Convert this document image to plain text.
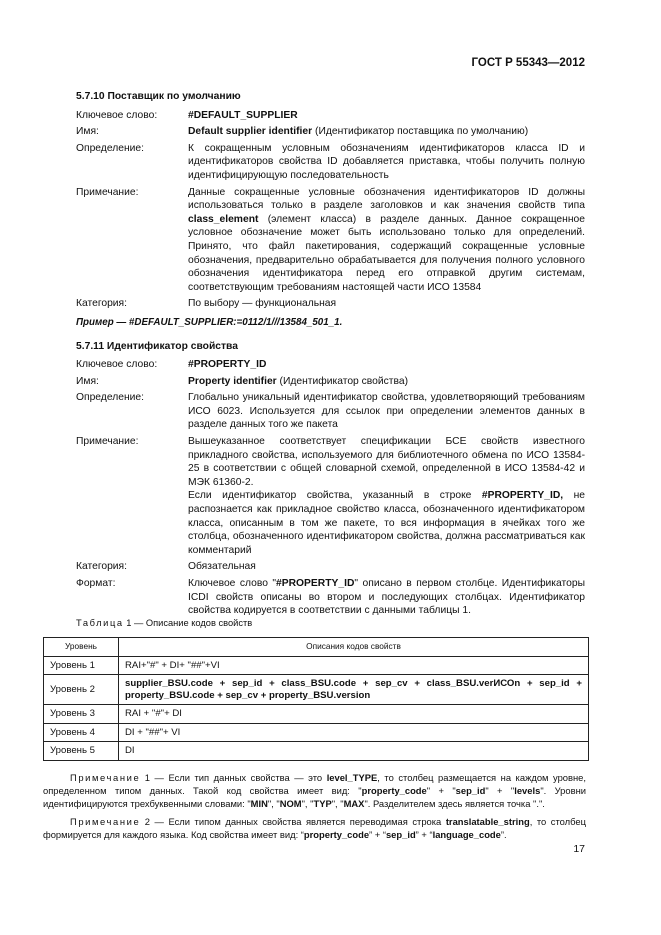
ГОСТ Р 55343—2012
5.7.10 Поставщик по умолчанию
Ключевое слово:	#DEFAULT_SUPPLIER
Имя:	Default supplier identifier (Идентификатор поставщика по умолчанию)
Определение:	К сокращенным условным обозначениям идентификаторов класса ID и идентификаторов свойства ID добавляется приставка, чтобы получить полную идентифицирующую последовательность
Примечание:	Данные сокращенные условные обозначения идентификаторов ID должны использоваться только в разделе заголовков и как значения свойств типа class_element (элемент класса) в разделе данных. Данное сокращенное условное обозначение может быть использовано только для определений. Принято, что файл пакетирования, содержащий сокращенные условные обозначения, предварительно обрабатывается для получения полного условного обозначения идентификатора перед его отправкой другим системам, соответствующим требованиям настоящей части ИСО 13584
Категория:	По выбору — функциональная
Пример — #DEFAULT_SUPPLIER:=0112/1///13584_501_1.
5.7.11 Идентификатор свойства
Ключевое слово:	#PROPERTY_ID
Имя:	Property identifier (Идентификатор свойства)
Определение:	Глобально уникальный идентификатор свойства, удовлетворяющий требованиям ИСО 6023. Используется для ссылок при определении элементов данных в разделе данных того же пакета
Примечание:	Вышеуказанное соответствует спецификации БСЕ свойств известного прикладного свойства, используемого для библиотечного обмена по ИСО 13584-25 в соответствии с общей словарной схемой, определенной в ИСО 13584-42 и МЭК 61360-2.
Если идентификатор свойства, указанный в строке #PROPERTY_ID, не распознается как прикладное свойство класса, обозначенного идентификатором класса, описанным в том же пакете, то вся информация в ячейках того же столбца, обозначенного идентификатором свойства, должна рассматриваться как комментарий
Категория:	Обязательная
Формат:	Ключевое слово "#PROPERTY_ID" описано в первом столбце. Идентификаторы ICDI свойств описаны во втором и последующих столбцах. Идентификатор свойства кодируется в соответствии с данными таблицы 1.
Таблица 1 — Описание кодов свойств
Уровень	Описания кодов свойств
Уровень 1	RAI+"#" + DI+ "##"+VI
Уровень 2	supplier_BSU.code + sep_id + class_BSU.code + sep_cv + class_BSU.verИСОn + sep_id + property_BSU.code + sep_cv + property_BSU.version
Уровень 3	RAI + "#"+ DI
Уровень 4	DI + "##"+ VI
Уровень 5	DI
Примечание 1 — Если тип данных свойства — это level_TYPE, то столбец размещается на каждом уровне, определенном типом данных. Такой код свойства имеет вид: "property_code" + "sep_id" + "levels". Уровни идентифицируются трехбуквенными словами: "MIN", "NOM", "TYP", "MAX". Разделителем здесь является точка ".".
Примечание 2 — Если типом данных свойства является переводимая строка translatable_string, то столбец формируется для каждого языка. Код свойства имеет вид: “property_code” + “sep_id” + “language_code”.
17
